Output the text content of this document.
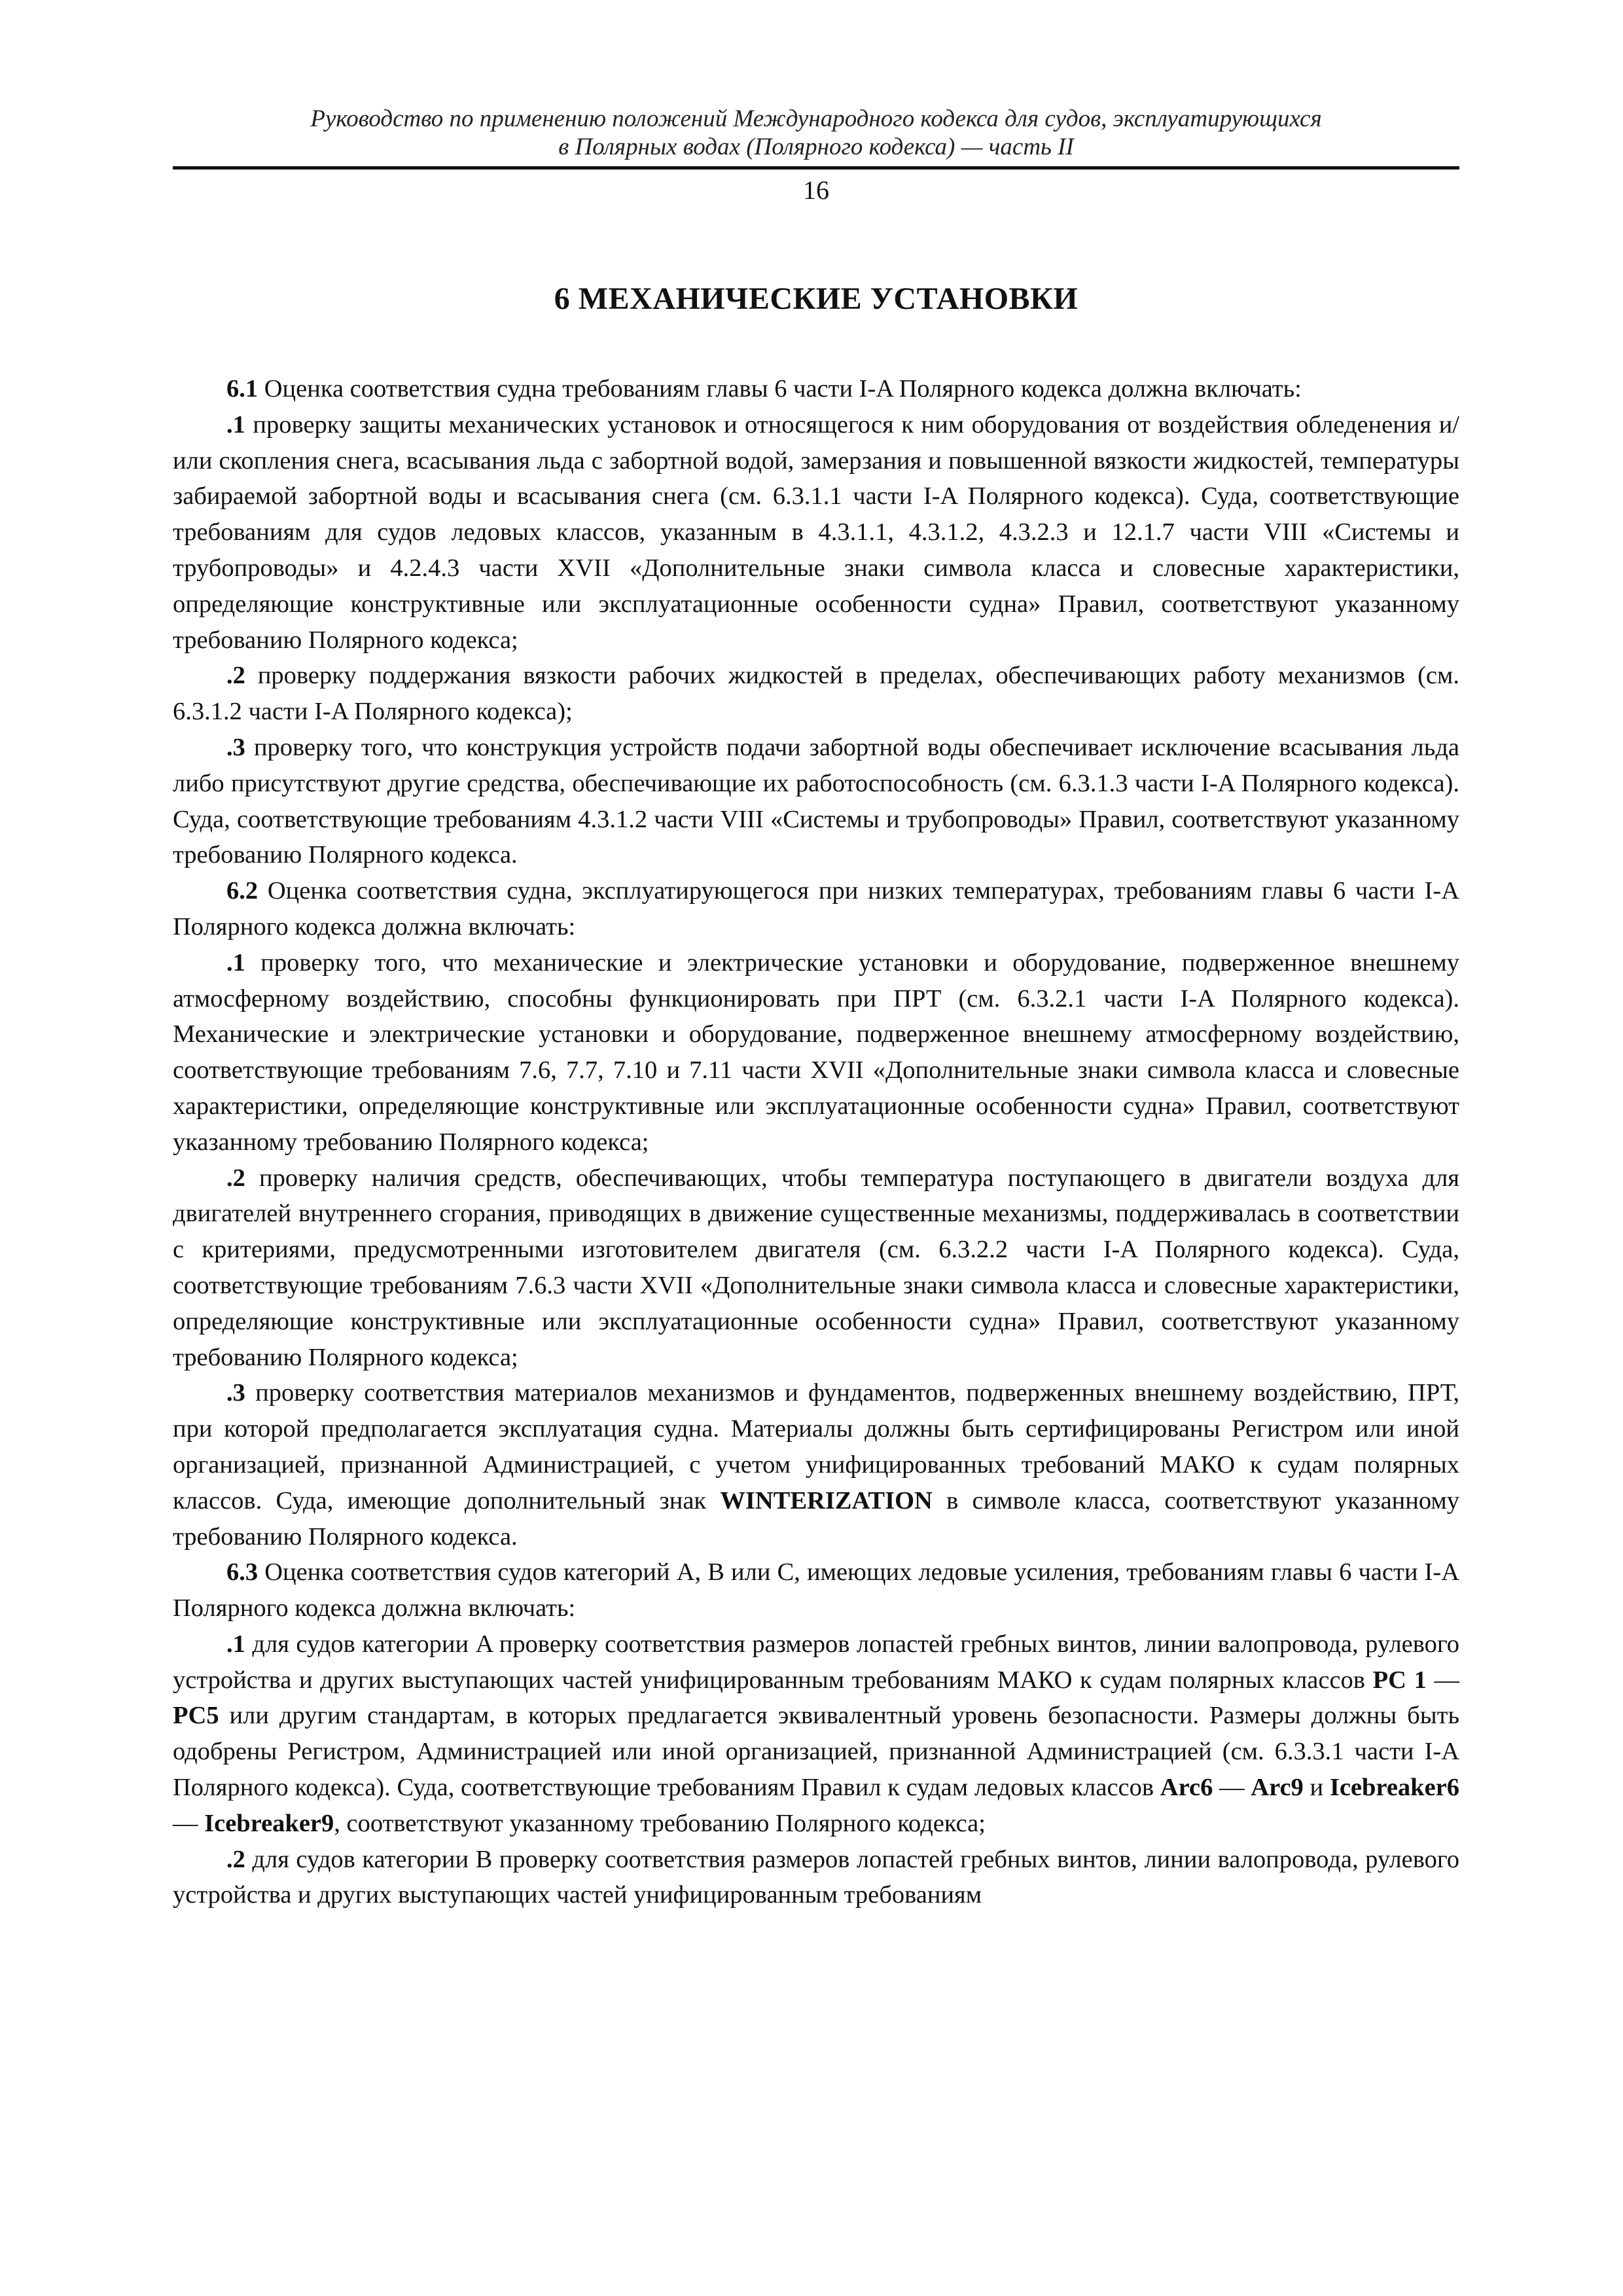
Руководство по применению положений Международного кодекса для судов, эксплуатирующихся
в Полярных водах (Полярного кодекса) — часть II
16
6 МЕХАНИЧЕСКИЕ УСТАНОВКИ

6.1 Оценка соответствия судна требованиям главы 6 части I-A Полярного кодекса должна включать:

.1 проверку защиты механических установок и относящегося к ним оборудования от воздействия обледенения и/или скопления снега, всасывания льда с забортной водой, замерзания и повышенной вязкости жидкостей, температуры забираемой забортной воды и всасывания снега (см. 6.3.1.1 части I-A Полярного кодекса). Суда, соответствующие требованиям для судов ледовых классов, указанным в 4.3.1.1, 4.3.1.2, 4.3.2.3 и 12.1.7 части VIII «Системы и трубопроводы» и 4.2.4.3 части XVII «Дополнительные знаки символа класса и словесные характеристики, определяющие конструктивные или эксплуатационные особенности судна» Правил, соответствуют указанному требованию Полярного кодекса;

.2 проверку поддержания вязкости рабочих жидкостей в пределах, обеспечивающих работу механизмов (см. 6.3.1.2 части I-A Полярного кодекса);

.3 проверку того, что конструкция устройств подачи забортной воды обеспечивает исключение всасывания льда либо присутствуют другие средства, обеспечивающие их работоспособность (см. 6.3.1.3 части I-A Полярного кодекса). Суда, соответствующие требованиям 4.3.1.2 части VIII «Системы и трубопроводы» Правил, соответствуют указанному требованию Полярного кодекса.

6.2 Оценка соответствия судна, эксплуатирующегося при низких температурах, требованиям главы 6 части I-A Полярного кодекса должна включать:

.1 проверку того, что механические и электрические установки и оборудование, подверженное внешнему атмосферному воздействию, способны функционировать при ПРТ (см. 6.3.2.1 части I-A Полярного кодекса). Механические и электрические установки и оборудование, подверженное внешнему атмосферному воздействию, соответствующие требованиям 7.6, 7.7, 7.10 и 7.11 части XVII «Дополнительные знаки символа класса и словесные характеристики, определяющие конструктивные или эксплуатационные особенности судна» Правил, соответствуют указанному требованию Полярного кодекса;

.2 проверку наличия средств, обеспечивающих, чтобы температура поступающего в двигатели воздуха для двигателей внутреннего сгорания, приводящих в движение существенные механизмы, поддерживалась в соответствии с критериями, предусмотренными изготовителем двигателя (см. 6.3.2.2 части I-A Полярного кодекса). Суда, соответствующие требованиям 7.6.3 части XVII «Дополнительные знаки символа класса и словесные характеристики, определяющие конструктивные или эксплуатационные особенности судна» Правил, соответствуют указанному требованию Полярного кодекса;

.3 проверку соответствия материалов механизмов и фундаментов, подверженных внешнему воздействию, ПРТ, при которой предполагается эксплуатация судна. Материалы должны быть сертифицированы Регистром или иной организацией, признанной Администрацией, с учетом унифицированных требований МАКО к судам полярных классов. Суда, имеющие дополнительный знак WINTERIZATION в символе класса, соответствуют указанному требованию Полярного кодекса.

6.3 Оценка соответствия судов категорий A, B или C, имеющих ледовые усиления, требованиям главы 6 части I-A Полярного кодекса должна включать:

.1 для судов категории A проверку соответствия размеров лопастей гребных винтов, линии валопровода, рулевого устройства и других выступающих частей унифицированным требованиям МАКО к судам полярных классов PC 1 — PC5 или другим стандартам, в которых предлагается эквивалентный уровень безопасности. Размеры должны быть одобрены Регистром, Администрацией или иной организацией, признанной Администрацией (см. 6.3.3.1 части I-A Полярного кодекса). Суда, соответствующие требованиям Правил к судам ледовых классов Arc6 — Arc9 и Icebreaker6 — Icebreaker9, соответствуют указанному требованию Полярного кодекса;

.2 для судов категории B проверку соответствия размеров лопастей гребных винтов, линии валопровода, рулевого устройства и других выступающих частей унифицированным требованиям
